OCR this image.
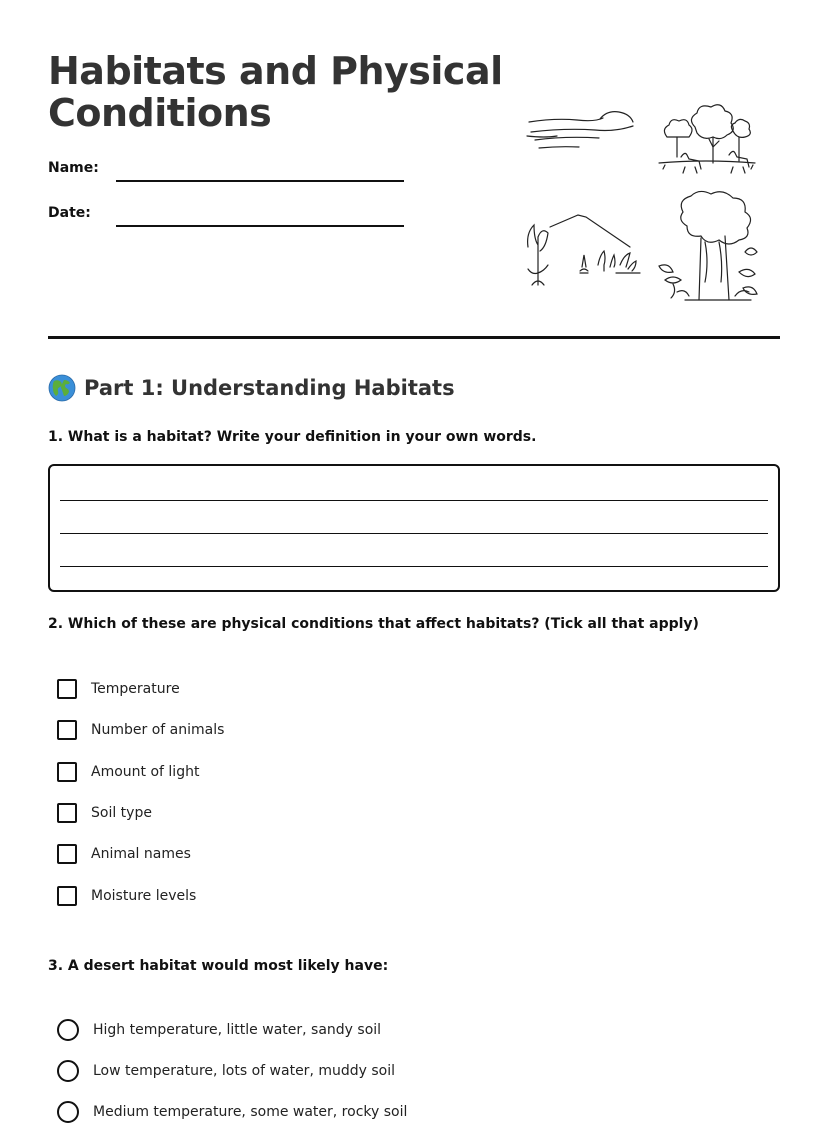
Habitats and Physical Conditions
Name:
Date:
Part 1: Understanding Habitats
1. What is a habitat? Write your definition in your own words.
2. Which of these are physical conditions that affect habitats? (Tick all that apply)
Temperature
Number of animals
Amount of light
Soil type
Animal names
Moisture levels
3. A desert habitat would most likely have:
High temperature, little water, sandy soil
Low temperature, lots of water, muddy soil
Medium temperature, some water, rocky soil
